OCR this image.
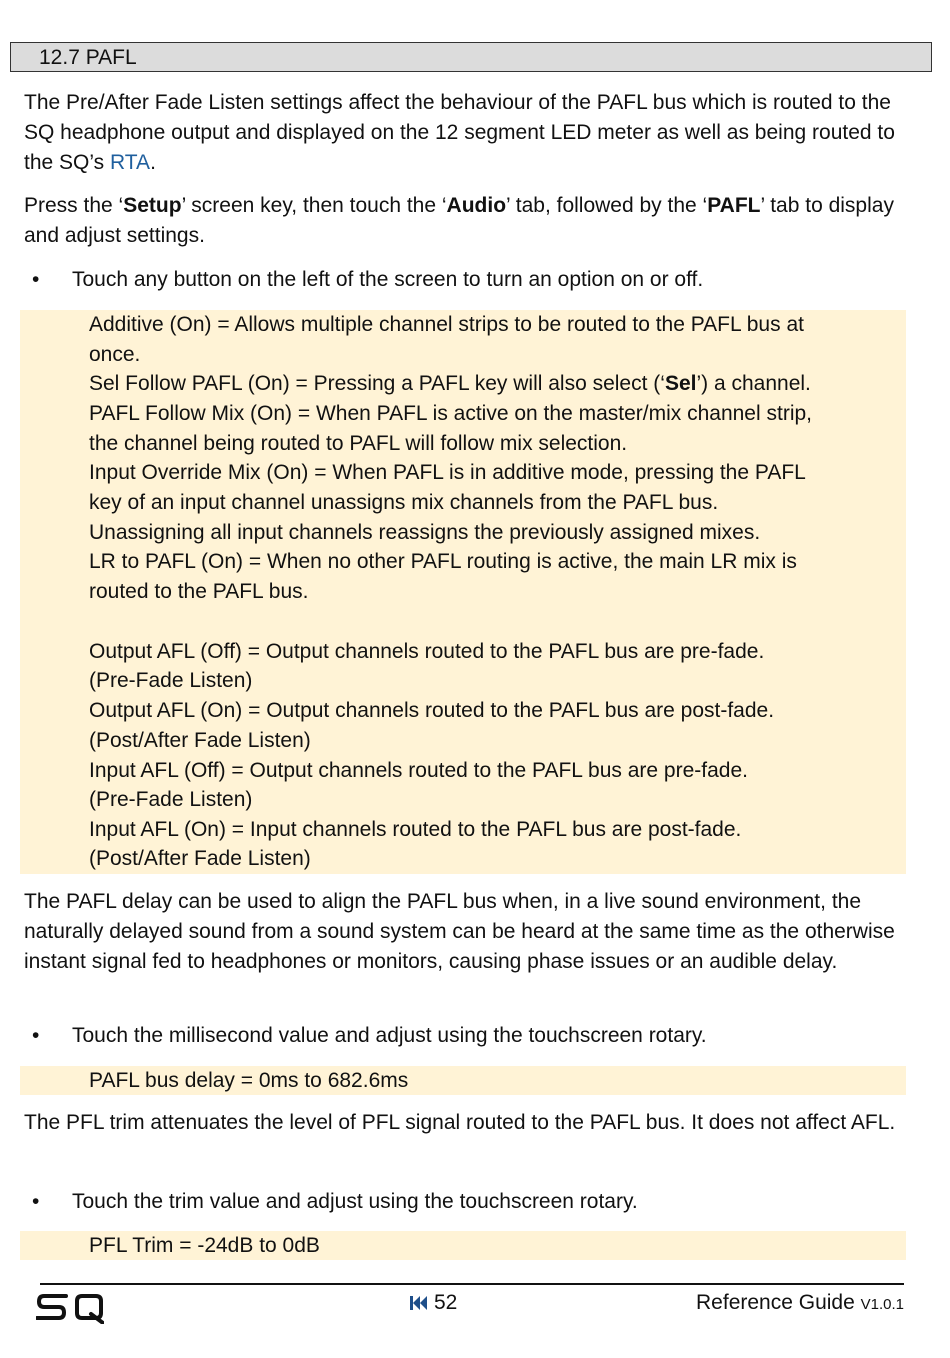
12.7 PAFL

The Pre/After Fade Listen settings affect the behaviour of the PAFL bus which is routed to the SQ headphone output and displayed on the 12 segment LED meter as well as being routed to the SQ’s RTA.

Press the ‘Setup’ screen key, then touch the ‘Audio’ tab, followed by the ‘PAFL’ tab to display and adjust settings.

• Touch any button on the left of the screen to turn an option on or off.
Additive (On) = Allows multiple channel strips to be routed to the PAFL bus at
once.
Sel Follow PAFL (On) = Pressing a PAFL key will also select (‘Sel’) a channel.
PAFL Follow Mix (On) = When PAFL is active on the master/mix channel strip,
the channel being routed to PAFL will follow mix selection.
Input Override Mix (On) = When PAFL is in additive mode, pressing the PAFL
key of an input channel unassigns mix channels from the PAFL bus.
Unassigning all input channels reassigns the previously assigned mixes.
LR to PAFL (On) = When no other PAFL routing is active, the main LR mix is
routed to the PAFL bus.
Output AFL (Off) = Output channels routed to the PAFL bus are pre-fade.
(Pre-Fade Listen)
Output AFL (On) = Output channels routed to the PAFL bus are post-fade.
(Post/After Fade Listen)
Input AFL (Off) = Output channels routed to the PAFL bus are pre-fade.
(Pre-Fade Listen)
Input AFL (On) = Input channels routed to the PAFL bus are post-fade.
(Post/After Fade Listen)

The PAFL delay can be used to align the PAFL bus when, in a live sound environment, the naturally delayed sound from a sound system can be heard at the same time as the otherwise instant signal fed to headphones or monitors, causing phase issues or an audible delay.

• Touch the millisecond value and adjust using the touchscreen rotary.
PAFL bus delay = 0ms to 682.6ms

The PFL trim attenuates the level of PFL signal routed to the PAFL bus. It does not affect AFL.

• Touch the trim value and adjust using the touchscreen rotary.
PFL Trim = -24dB to 0dB
52	Reference Guide V1.0.1
